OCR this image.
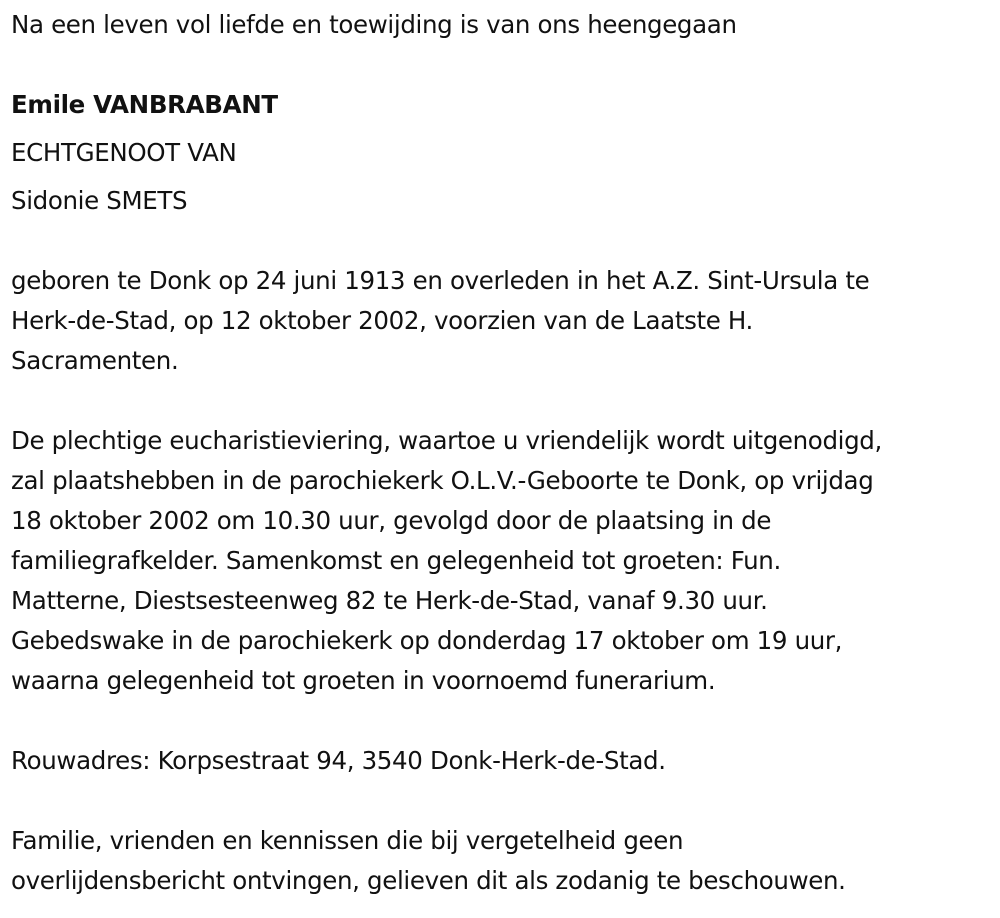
Na een leven vol liefde en toewijding is van ons heengegaan
Emile VANBRABANT
ECHTGENOOT VAN
Sidonie SMETS

geboren te Donk op 24 juni 1913 en overleden in het A.Z. Sint-Ursula te
Herk-de-Stad, op 12 oktober 2002, voorzien van de Laatste H.
Sacramenten.

De plechtige eucharistieviering, waartoe u vriendelijk wordt uitgenodigd,
zal plaatshebben in de parochiekerk O.L.V.-Geboorte te Donk, op vrijdag
18 oktober 2002 om 10.30 uur, gevolgd door de plaatsing in de
familiegrafkelder. Samenkomst en gelegenheid tot groeten: Fun.
Matterne, Diestsesteenweg 82 te Herk-de-Stad, vanaf 9.30 uur.
Gebedswake in de parochiekerk op donderdag 17 oktober om 19 uur,
waarna gelegenheid tot groeten in voornoemd funerarium.

Rouwadres: Korpsestraat 94, 3540 Donk-Herk-de-Stad.

Familie, vrienden en kennissen die bij vergetelheid geen
overlijdensbericht ontvingen, gelieven dit als zodanig te beschouwen.
